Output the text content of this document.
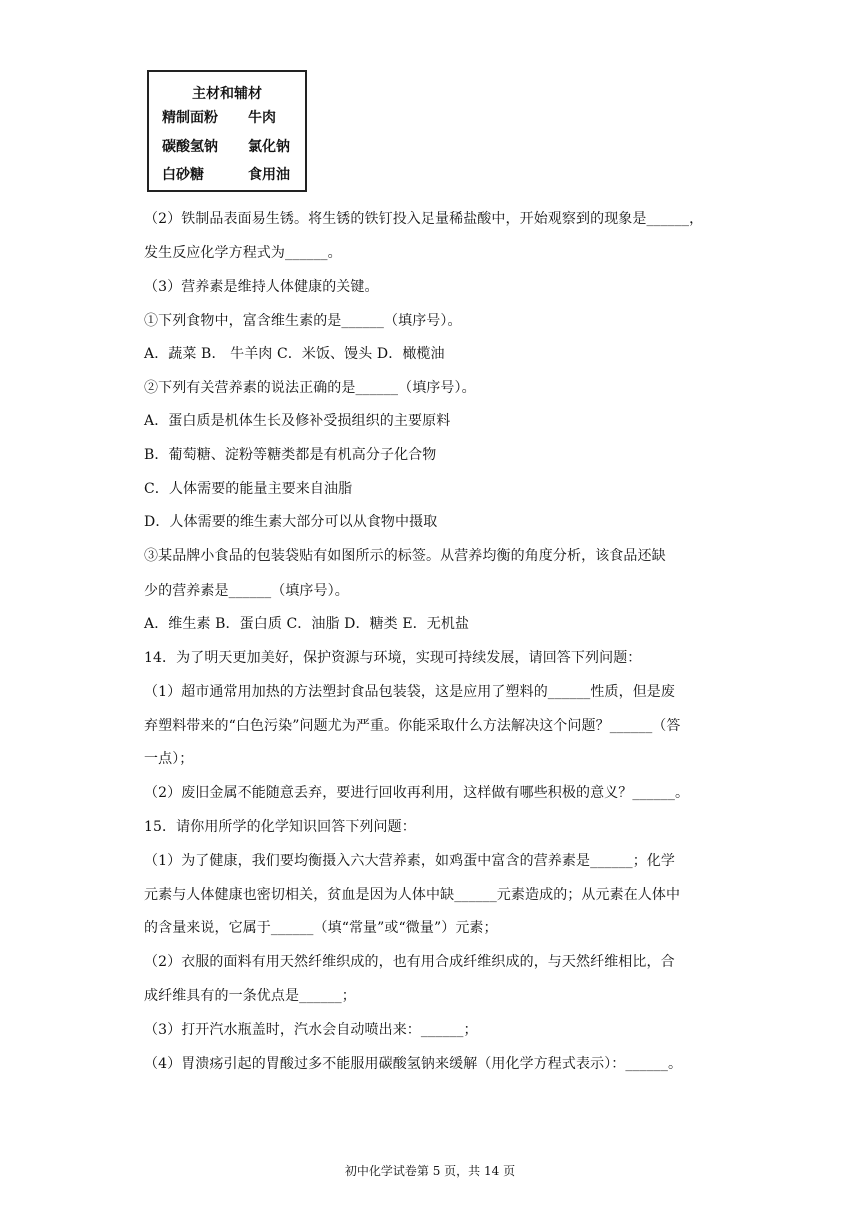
主材和辅材
精制面粉 牛肉
碳酸氢钠 氯化钠
白砂糖	食用油
（2）铁制品表面易生锈。将生锈的铁钉投入足量稀盐酸中，开始观察到的现象是______，
发生反应化学方程式为______。
（3）营养素是维持人体健康的关键。
①下列食物中，富含维生素的是______（填序号）。
A．蔬菜 B． 牛羊肉 C．米饭、馒头 D．橄榄油
②下列有关营养素的说法正确的是______（填序号）。
A．蛋白质是机体生长及修补受损组织的主要原料
B．葡萄糖、淀粉等糖类都是有机高分子化合物
C．人体需要的能量主要来自油脂
D．人体需要的维生素大部分可以从食物中摄取
③某品牌小食品的包装袋贴有如图所示的标签。从营养均衡的角度分析，该食品还缺
少的营养素是______（填序号）。
A．维生素 B．蛋白质 C．油脂 D．糖类 E．无机盐
14．为了明天更加美好，保护资源与环境，实现可持续发展，请回答下列问题：
（1）超市通常用加热的方法塑封食品包装袋，这是应用了塑料的______性质，但是废
弃塑料带来的“白色污染”问题尤为严重。你能采取什么方法解决这个问题？______（答
一点）；
（2）废旧金属不能随意丢弃，要进行回收再利用，这样做有哪些积极的意义？______。
15．请你用所学的化学知识回答下列问题：
（1）为了健康，我们要均衡摄入六大营养素，如鸡蛋中富含的营养素是______；化学
元素与人体健康也密切相关，贫血是因为人体中缺______元素造成的；从元素在人体中
的含量来说，它属于______（填“常量”或“微量”）元素；
（2）衣服的面料有用天然纤维织成的，也有用合成纤维织成的，与天然纤维相比，合
成纤维具有的一条优点是______；
（3）打开汽水瓶盖时，汽水会自动喷出来：______；
（4）胃溃疡引起的胃酸过多不能服用碳酸氢钠来缓解（用化学方程式表示）：______。
初中化学试卷第 5 页，共 14 页
